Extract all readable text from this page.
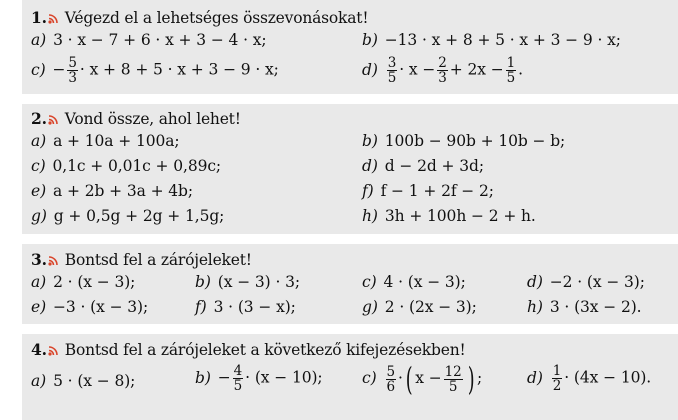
1. Végezd el a lehetséges összevonásokat!
a) 3 · x − 7 + 6 · x + 3 − 4 · x;	b) −13 · x + 8 + 5 · x + 3 − 9 · x;
$c) - \frac{5}{3} \cdot x + 8 + 5 \cdot x + 3 - 9 \cdot x$;	$d) \frac{3}{5} \cdot x - \frac{2}{3} + 2x - \frac{1}{5}$ .
2. Vond össze, ahol lehet!
a) a + 10a + 100a;	b) 100b − 90b + 10b − b;
c) 0,1c + 0,01c + 0,89c;	d) d − 2d + 3d;
e) a + 2b + 3a + 4b;	f) f − 1 + 2f − 2;
g) g + 0,5g + 2g + 1,5g;	h) 3h + 100h − 2 + h.
3. Bontsd fel a zárójeleket!
a) 2 · (x − 3);	b) (x − 3) · 3;	c) 4 · (x − 3);	d) −2 · (x − 3);
e) −3 · (x − 3);	f) 3 · (3 − x);	g) 2 · (2x − 3);	h) 3 · (3x − 2).
4. Bontsd fel a zárójeleket a következő kifejezésekben!
a) 5 · (x − 8);	$b) - \frac{4}{5} \cdot (x - 10)$;	$c) \frac{5}{6}$ ·( $x - \frac{12}{5}$ ) ;	$d) \frac{1}{2} \cdot (4x - 10)$.
